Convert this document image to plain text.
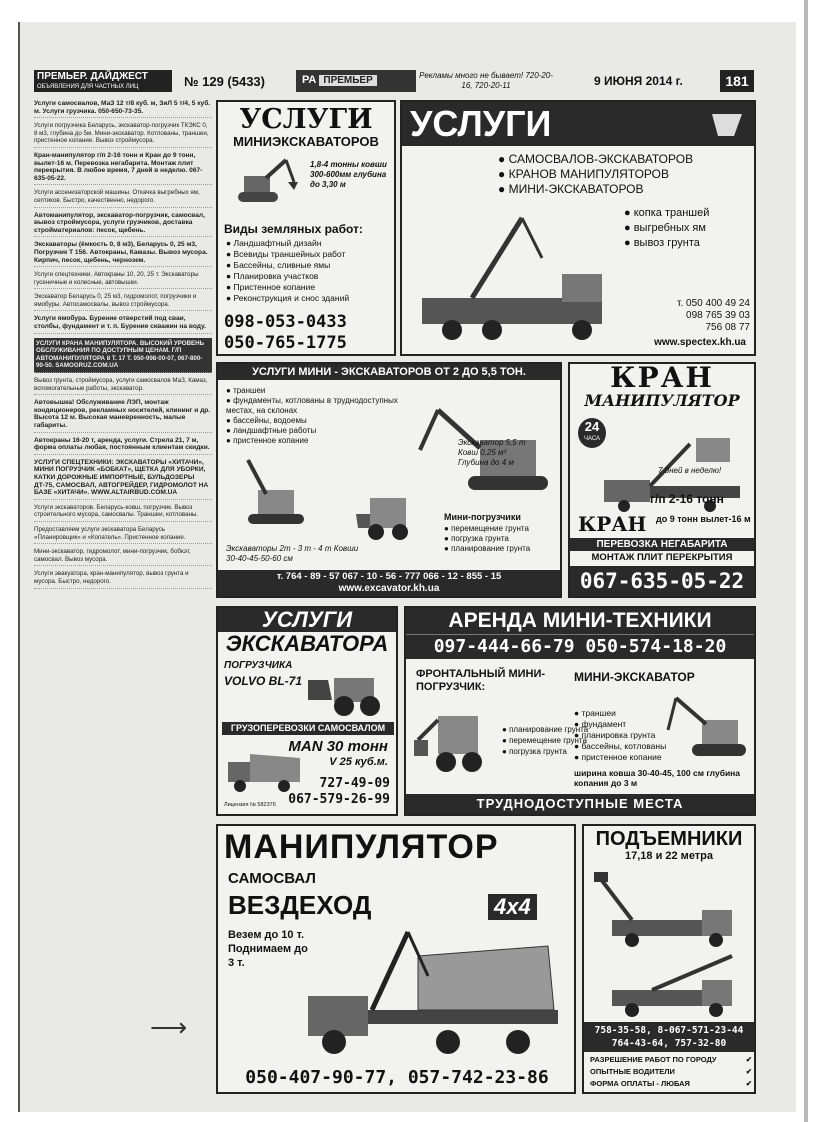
ПРЕМЬЕР. ДАЙДЖЕСТ
ОБЪЯВЛЕНИЯ ДЛЯ ЧАСТНЫХ ЛИЦ	№ 129 (5433)	РА ПРЕМЬЕР	Рекламы много не бывает! 720-20-16, 720-20-11	9 ИЮНЯ 2014 г.	181

Услуги самосвалов, МаЗ 12 т/8 куб. м, ЗиЛ 5 т/4, 5 куб. м. Услуги грузчика. 050-650-73-35.

Услуги погрузчика Беларусь, экскаватор-погрузчик ТКЭКС 0, 8 м3, глубина до 5м. Мини-экскаватор. Котлованы, траншеи, пристенное копание. Вывоз строймусора.

Кран-манипулятор г/п 2-16 тонн и Кран до 9 тонн, вылет-16 м. Перевозка негабарита. Монтаж плит перекрытия. В любое время, 7 дней в неделю. 067-635-05-22.

Услуги ассенизаторской машины. Откачка выгребных ям, септиков. Быстро, качественно, недорого.

Автоманипулятор, экскаватор-погрузчик, самосвал, вывоз строймусора, услуги грузчиков, доставка стройматериалов: песок, щебень.

Экскаваторы (ёмкость 0, 8 м3), Беларусь 0, 25 м3, Погрузчик Т 156. Автокраны, Камазы. Вывоз мусора. Кирпич, песок, щебень, чернозем.

Услуги спецтехники. Автокраны 10, 20, 25 т. Экскаваторы гусеничные и колесные, автовышки.

Экскаватор Беларусь 0, 25 м3, гидромолот, погрузчики и ямобуры. Автосамосвалы, вывоз строймусора.

Услуги ямобура. Бурение отверстий под сваи, столбы, фундамент и т. п. Бурение скважин на воду.

УСЛУГИ КРАНА МАНИПУЛЯТОРА. ВЫСОКИЙ УРОВЕНЬ ОБСЛУЖИВАНИЯ ПО ДОСТУПНЫМ ЦЕНАМ. Г/П АВТОМАНИПУЛЯТОРА 8 Т. 17 Т. 050-998-00-07, 067-800-90-50. SAMOGRUZ.COM.UA

Вывоз грунта, строймусора, услуги самосвалов МаЗ, Камаз, вспомогательные работы, экскаватор.

Автовышка! Обслуживание ЛЭП, монтаж кондиционеров, рекламных носителей, клининг и др. Высота 12 м. Высокая маневренность, малые габариты.

Автокраны 16-20 т, аренда, услуги. Стрела 21, 7 м, форма оплаты любая, постоянным клиентам скидки.

УСЛУГИ СПЕЦТЕХНИКИ: ЭКСКАВАТОРЫ «ХИТАЧИ», МИНИ ПОГРУЗЧИК «БОБКАТ», ЩЕТКА ДЛЯ УБОРКИ, КАТКИ ДОРОЖНЫЕ ИМПОРТНЫЕ, БУЛЬДОЗЕРЫ ДТ-75, САМОСВАЛ, АВТОГРЕЙДЕР, ГИДРОМОЛОТ НА БАЗЕ «ХИТАЧИ». WWW.ALTAIRBUD.COM.UA

Услуги экскаваторов. Беларусь-ковш, погрузчик. Вывоз строительного мусора, самосвалы. Траншеи, котлованы.

Предоставляем услуги экскаватора Беларусь «Планировщик» и «Копатель». Пристенное копание.

Мини-экскаватор, гидромолот, мини-погрузчик, бобкэт, самосвал. Вывоз мусора.

Услуги эвакуатора, кран-манипулятор, вывоз грунта и мусора. Быстро, недорого.

⟶
УСЛУГИ
МИНИЭКСКАВАТОРОВ
1,8-4 тонны ковши 300-600мм глубина до 3,30 м
Виды земляных работ:
● Ландшафтный дизайн
● Всевиды траншейных работ
● Бассейны, сливные ямы
● Планировка участков
● Пристенное копание
● Реконструкция и снос зданий
098-053-0433
050-765-1775
УСЛУГИ
● САМОСВАЛОВ-ЭКСКАВАТОРОВ
● КРАНОВ МАНИПУЛЯТОРОВ
● МИНИ-ЭКСКАВАТОРОВ
● копка траншей
● выгребных ям
● вывоз грунта
т. 050 400 49 24
098 765 39 03
756 08 77
www.spectex.kh.ua
УСЛУГИ МИНИ - ЭКСКАВАТОРОВ ОТ 2 ДО 5,5 ТОН.
● траншеи
● фундаменты, котлованы в труднодоступных местах, на склонах
● бассейны, водоемы
● ландшафтные работы
● пристенное копание	Экскаватор 5,5 т Ковш 0,25 м³ Глубина до 4 м
Экскаваторы 2т - 3 т - 4 т Ковши 30-40-45-50-60 см
Мини-погрузчики
● перемещение грунта
● погрузка грунта
● планирование грунта
т. 764 - 89 - 57 067 - 10 - 56 - 777 066 - 12 - 855 - 15
www.excavator.kh.ua
КРАН
МАНИПУЛЯТОР
24
ЧАСА
7 дней в неделю!
г/п 2-16 тонн
КРАН до 9 тонн вылет-16 м
ПЕРЕВОЗКА НЕГАБАРИТА
МОНТАЖ ПЛИТ ПЕРЕКРЫТИЯ
067-635-05-22
УСЛУГИ
ЭКСКАВАТОРА
ПОГРУЗЧИКА
VOLVO BL-71
ГРУЗОПЕРЕВОЗКИ САМОСВАЛОМ
MAN 30 тонн
V 25 куб.м.
727-49-09
067-579-26-99
Лицензия № 582376
АРЕНДА МИНИ-ТЕХНИКИ
097-444-66-79 050-574-18-20
ФРОНТАЛЬНЫЙ МИНИ-ПОГРУЗЧИК:
● планирование грунта
● перемещение грунта
● погрузка грунта
МИНИ-ЭКСКАВАТОР
● траншеи
● фундамент
● планировка грунта
● бассейны, котлованы
● пристенное копание
ширина ковша 30-40-45, 100 см глубина копания до 3 м
ТРУДНОДОСТУПНЫЕ МЕСТА
МАНИПУЛЯТОР
САМОСВАЛ
ВЕЗДЕХОД	4х4
Везем до 10 т. Поднимаем до 3 т.
050-407-90-77, 057-742-23-86
ПОДЪЕМНИКИ
17,18 и 22 метра
758-35-58, 8-067-571-23-44
764-43-64, 757-32-80
РАЗРЕШЕНИЕ РАБОТ ПО ГОРОДУ	✔
ОПЫТНЫЕ ВОДИТЕЛИ	✔
ФОРМА ОПЛАТЫ - ЛЮБАЯ	✔
